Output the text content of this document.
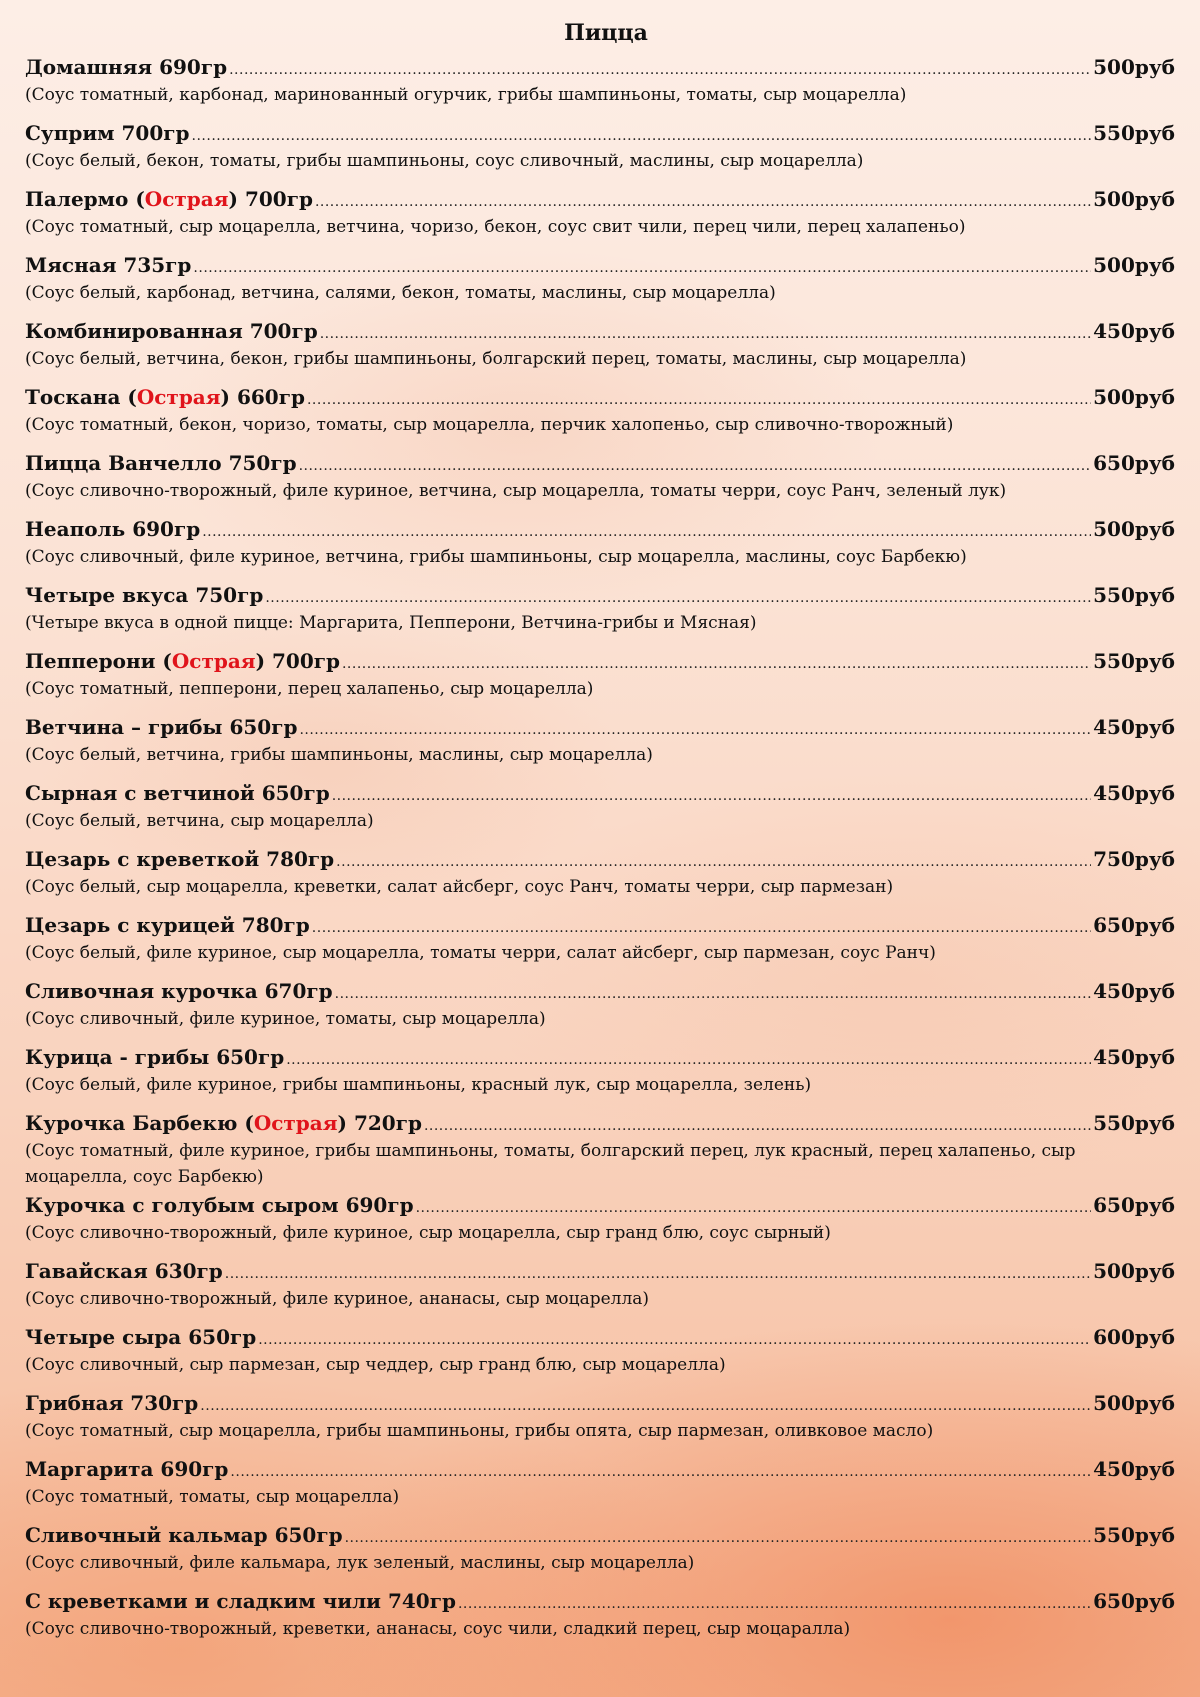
Пицца
Домашняя 690гр .....	500руб
(Соус томатный, карбонад, маринованный огурчик, грибы шампиньоны, томаты, сыр моцарелла)
Суприм 700гр .....	550руб
(Соус белый, бекон, томаты, грибы шампиньоны, соус сливочный, маслины, сыр моцарелла)
Палермо (Острая) 700гр .....	500руб
(Соус томатный, сыр моцарелла, ветчина, чоризо, бекон, соус свит чили, перец чили, перец халапеньо)
Мясная 735гр .....	500руб
(Соус белый, карбонад, ветчина, салями, бекон, томаты, маслины, сыр моцарелла)
Комбинированная 700гр .....	450руб
(Соус белый, ветчина, бекон, грибы шампиньоны, болгарский перец, томаты, маслины, сыр моцарелла)
Тоскана (Острая) 660гр .....	500руб
(Соус томатный, бекон, чоризо, томаты, сыр моцарелла, перчик халопеньо, сыр сливочно-творожный)
Пицца Ванчелло 750гр .....	650руб
(Соус сливочно-творожный, филе куриное, ветчина, сыр моцарелла, томаты черри, соус Ранч, зеленый лук)
Неаполь 690гр .....	500руб
(Соус сливочный, филе куриное, ветчина, грибы шампиньоны, сыр моцарелла, маслины, соус Барбекю)
Четыре вкуса 750гр .....	550руб
(Четыре вкуса в одной пицце: Маргарита, Пепперони, Ветчина-грибы и Мясная)
Пепперони (Острая) 700гр .....	550руб
(Соус томатный, пепперони, перец халапеньо, сыр моцарелла)
Ветчина – грибы 650гр .....	450руб
(Соус белый, ветчина, грибы шампиньоны, маслины, сыр моцарелла)
Сырная с ветчиной 650гр .....	450руб
(Соус белый, ветчина, сыр моцарелла)
Цезарь с креветкой 780гр .....	750руб
(Соус белый, сыр моцарелла, креветки, салат айсберг, соус Ранч, томаты черри, сыр пармезан)
Цезарь с курицей 780гр .....	650руб
(Соус белый, филе куриное, сыр моцарелла, томаты черри, салат айсберг, сыр пармезан, соус Ранч)
Сливочная курочка 670гр .....	450руб
(Соус сливочный, филе куриное, томаты, сыр моцарелла)
Курица - грибы 650гр .....	450руб
(Соус белый, филе куриное, грибы шампиньоны, красный лук, сыр моцарелла, зелень)
Курочка Барбекю (Острая) 720гр .....	550руб
(Соус томатный, филе куриное, грибы шампиньоны, томаты, болгарский перец, лук красный, перец халапеньо, сыр моцарелла, соус Барбекю)
Курочка с голубым сыром 690гр .....	650руб
(Соус сливочно-творожный, филе куриное, сыр моцарелла, сыр гранд блю, соус сырный)
Гавайская 630гр .....	500руб
(Соус сливочно-творожный, филе куриное, ананасы, сыр моцарелла)
Четыре сыра 650гр .....	600руб
(Соус сливочный, сыр пармезан, сыр чеддер, сыр гранд блю, сыр моцарелла)
Грибная 730гр .....	500руб
(Соус томатный, сыр моцарелла, грибы шампиньоны, грибы опята, сыр пармезан, оливковое масло)
Маргарита 690гр .....	450руб
(Соус томатный, томаты, сыр моцарелла)
Сливочный кальмар 650гр .....	550руб
(Соус сливочный, филе кальмара, лук зеленый, маслины, сыр моцарелла)
С креветками и сладким чили 740гр .....	650руб
(Соус сливочно-творожный, креветки, ананасы, соус чили, сладкий перец, сыр моцаралла)
